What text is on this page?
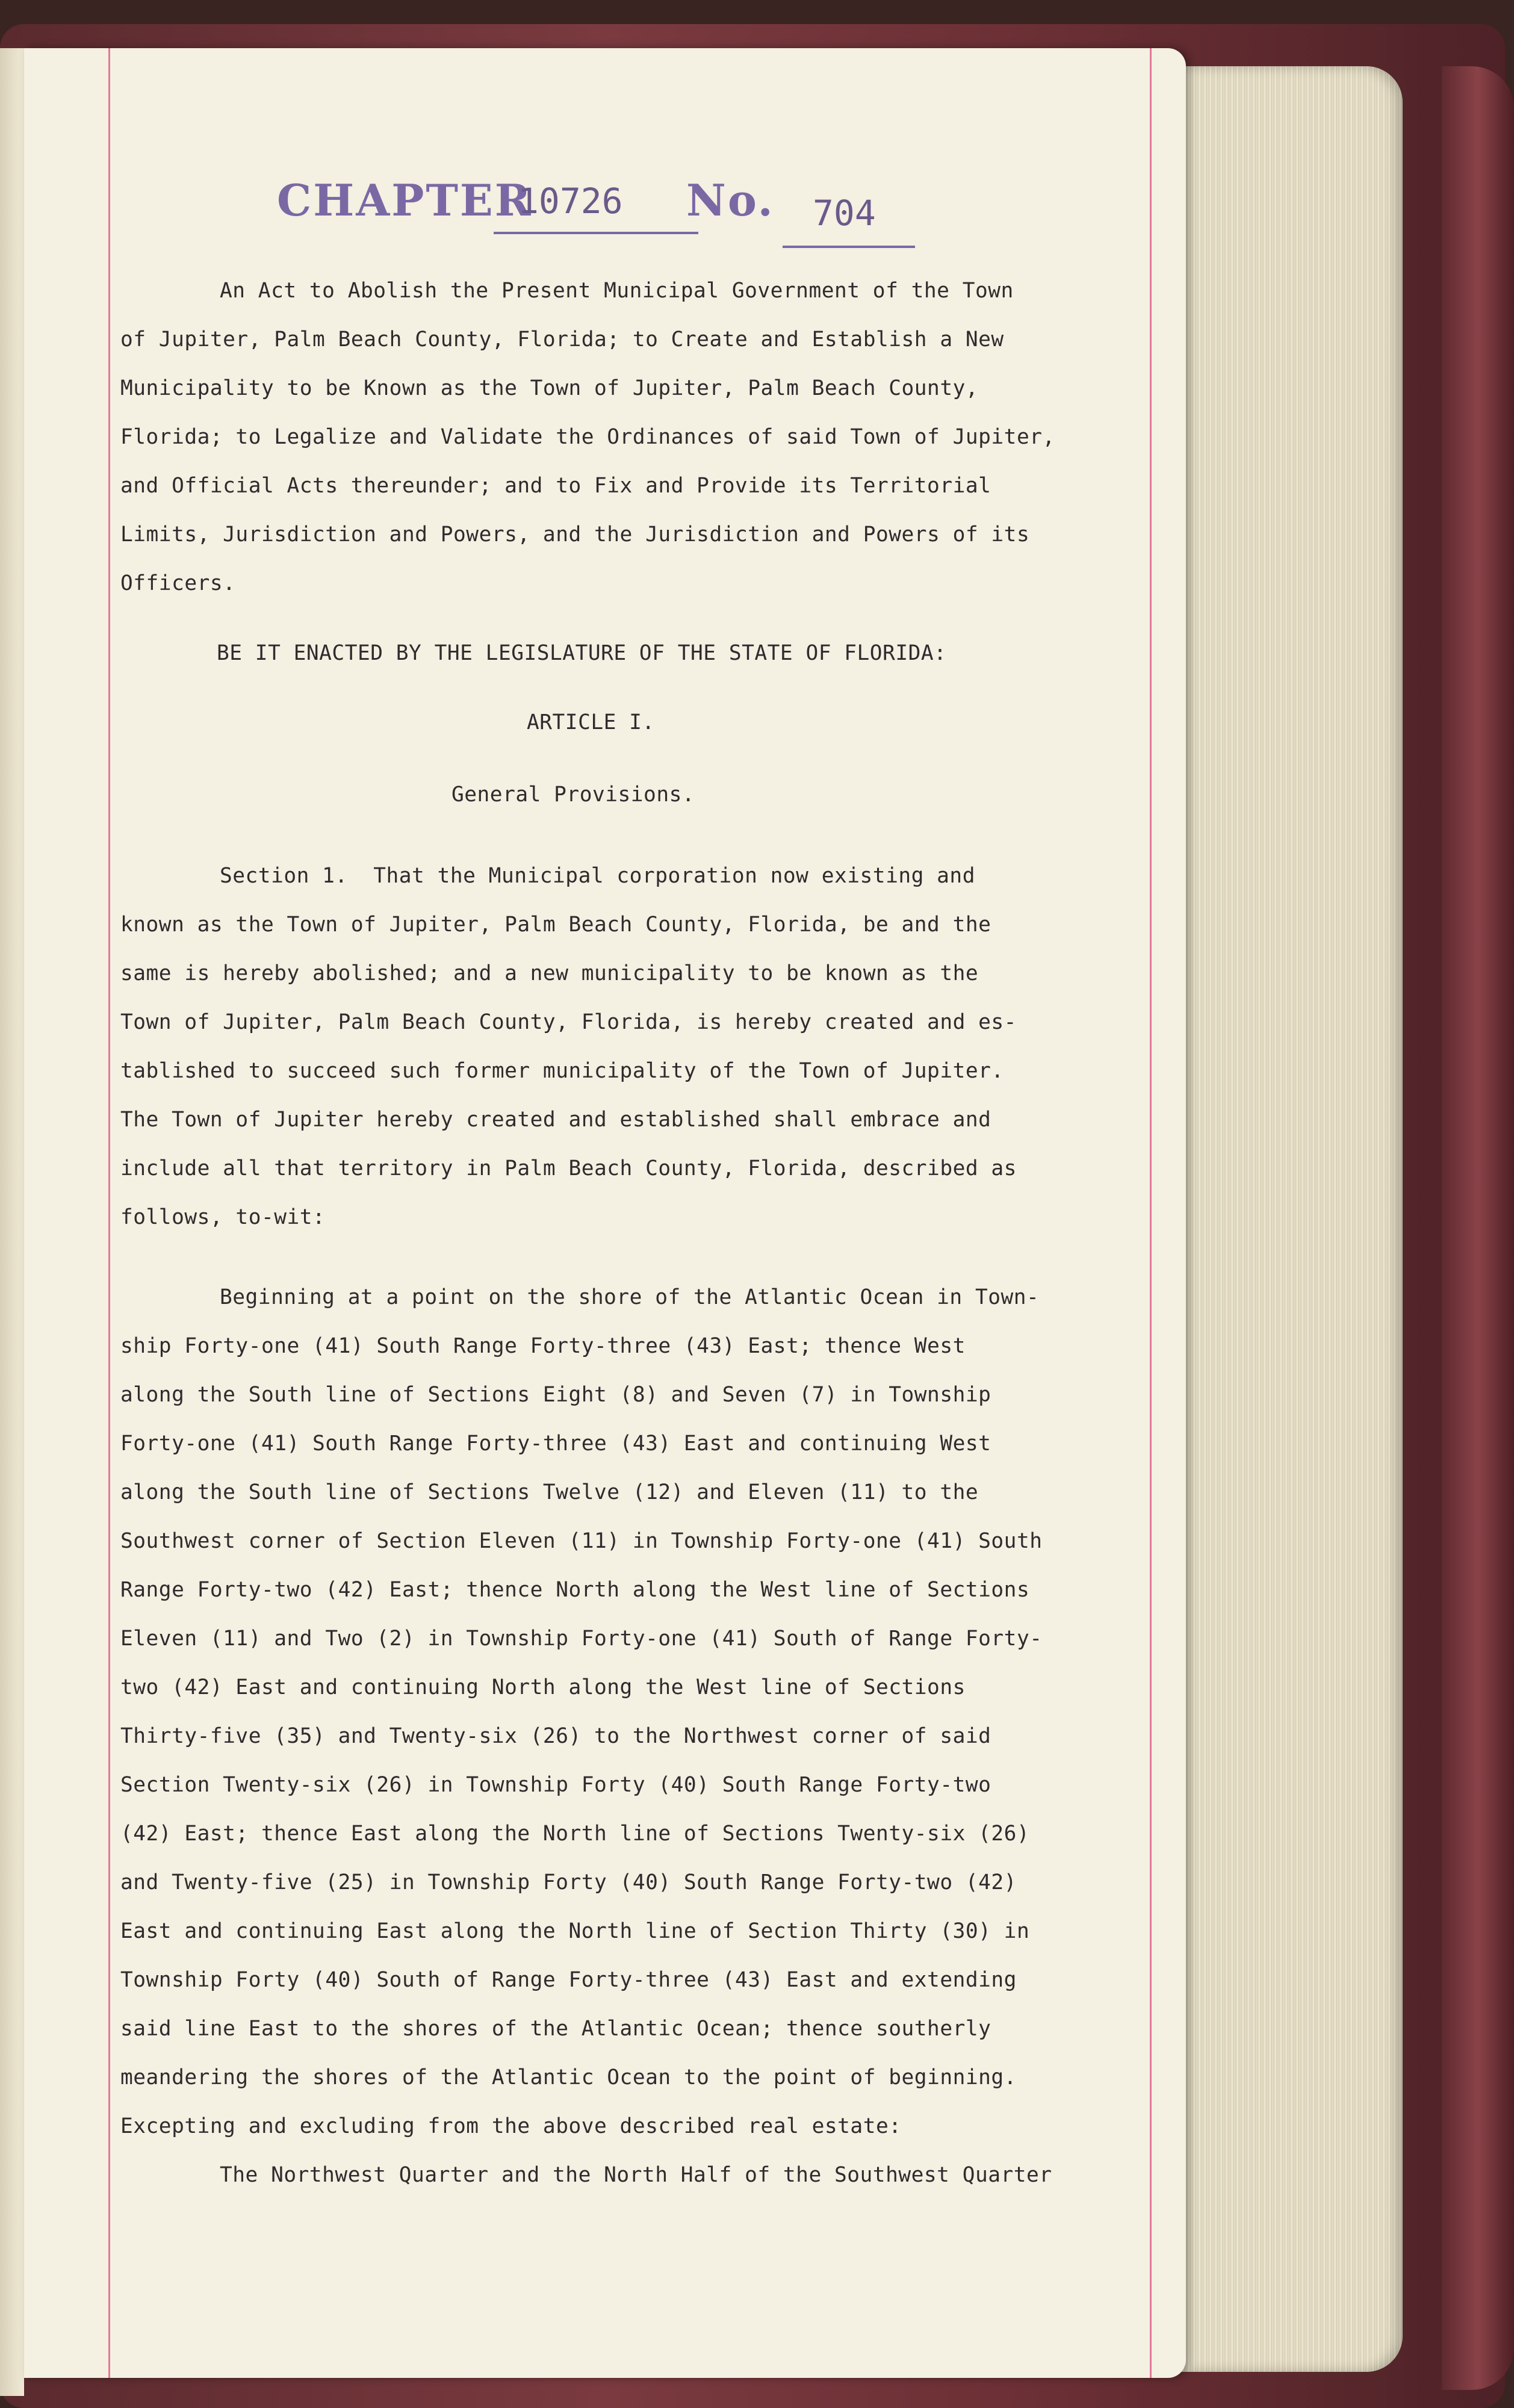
CHAPTER
10726 No. 704
An Act to Abolish the Present Municipal Government of the Town
of Jupiter, Palm Beach County, Florida; to Create and Establish a New
Municipality to be Known as the Town of Jupiter, Palm Beach County,
Florida; to Legalize and Validate the Ordinances of said Town of Jupiter,
and Official Acts thereunder; and to Fix and Provide its Territorial
Limits, Jurisdiction and Powers, and the Jurisdiction and Powers of its
Officers.
BE IT ENACTED BY THE LEGISLATURE OF THE STATE OF FLORIDA:
ARTICLE I.
General Provisions.
Section 1.  That the Municipal corporation now existing and
known as the Town of Jupiter, Palm Beach County, Florida, be and the
same is hereby abolished; and a new municipality to be known as the
Town of Jupiter, Palm Beach County, Florida, is hereby created and es-
tablished to succeed such former municipality of the Town of Jupiter.
The Town of Jupiter hereby created and established shall embrace and
include all that territory in Palm Beach County, Florida, described as
follows, to-wit:
Beginning at a point on the shore of the Atlantic Ocean in Town-
ship Forty-one (41) South Range Forty-three (43) East; thence West
along the South line of Sections Eight (8) and Seven (7) in Township
Forty-one (41) South Range Forty-three (43) East and continuing West
along the South line of Sections Twelve (12) and Eleven (11) to the
Southwest corner of Section Eleven (11) in Township Forty-one (41) South
Range Forty-two (42) East; thence North along the West line of Sections
Eleven (11) and Two (2) in Township Forty-one (41) South of Range Forty-
two (42) East and continuing North along the West line of Sections
Thirty-five (35) and Twenty-six (26) to the Northwest corner of said
Section Twenty-six (26) in Township Forty (40) South Range Forty-two
(42) East; thence East along the North line of Sections Twenty-six (26)
and Twenty-five (25) in Township Forty (40) South Range Forty-two (42)
East and continuing East along the North line of Section Thirty (30) in
Township Forty (40) South of Range Forty-three (43) East and extending
said line East to the shores of the Atlantic Ocean; thence southerly
meandering the shores of the Atlantic Ocean to the point of beginning.
Excepting and excluding from the above described real estate:
The Northwest Quarter and the North Half of the Southwest Quarter
